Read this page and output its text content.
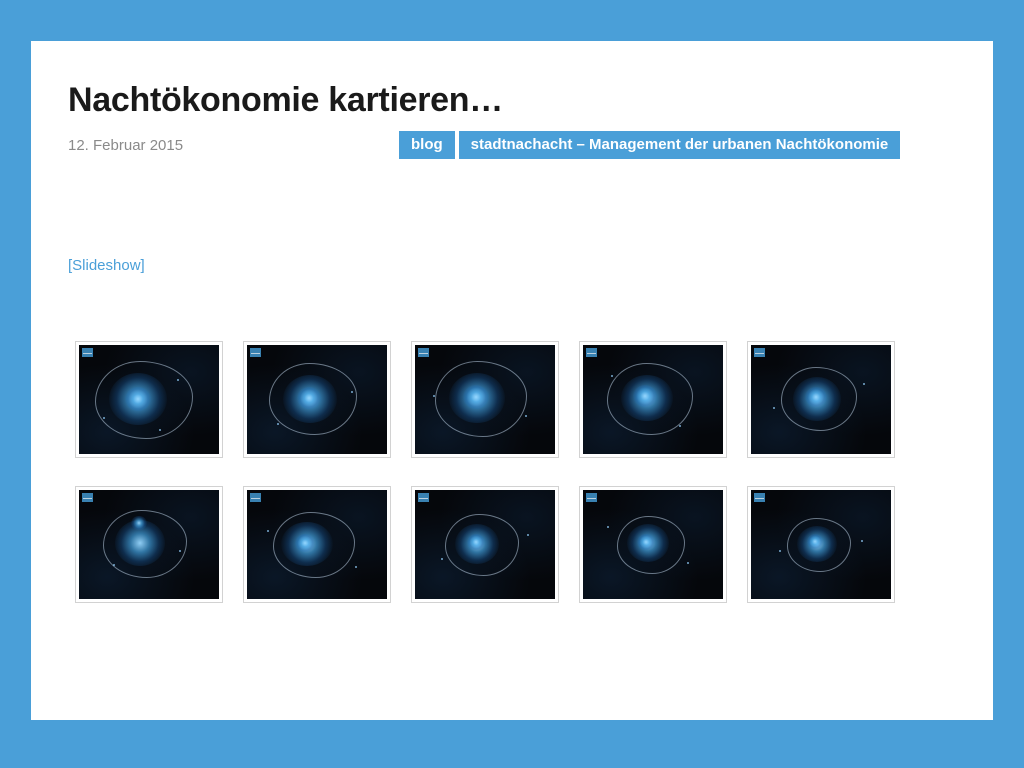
Nachtökonomie kartieren…
12. Februar 2015	blog	stadtnachacht – Management der urbanen Nachtökonomie
[Slideshow]
